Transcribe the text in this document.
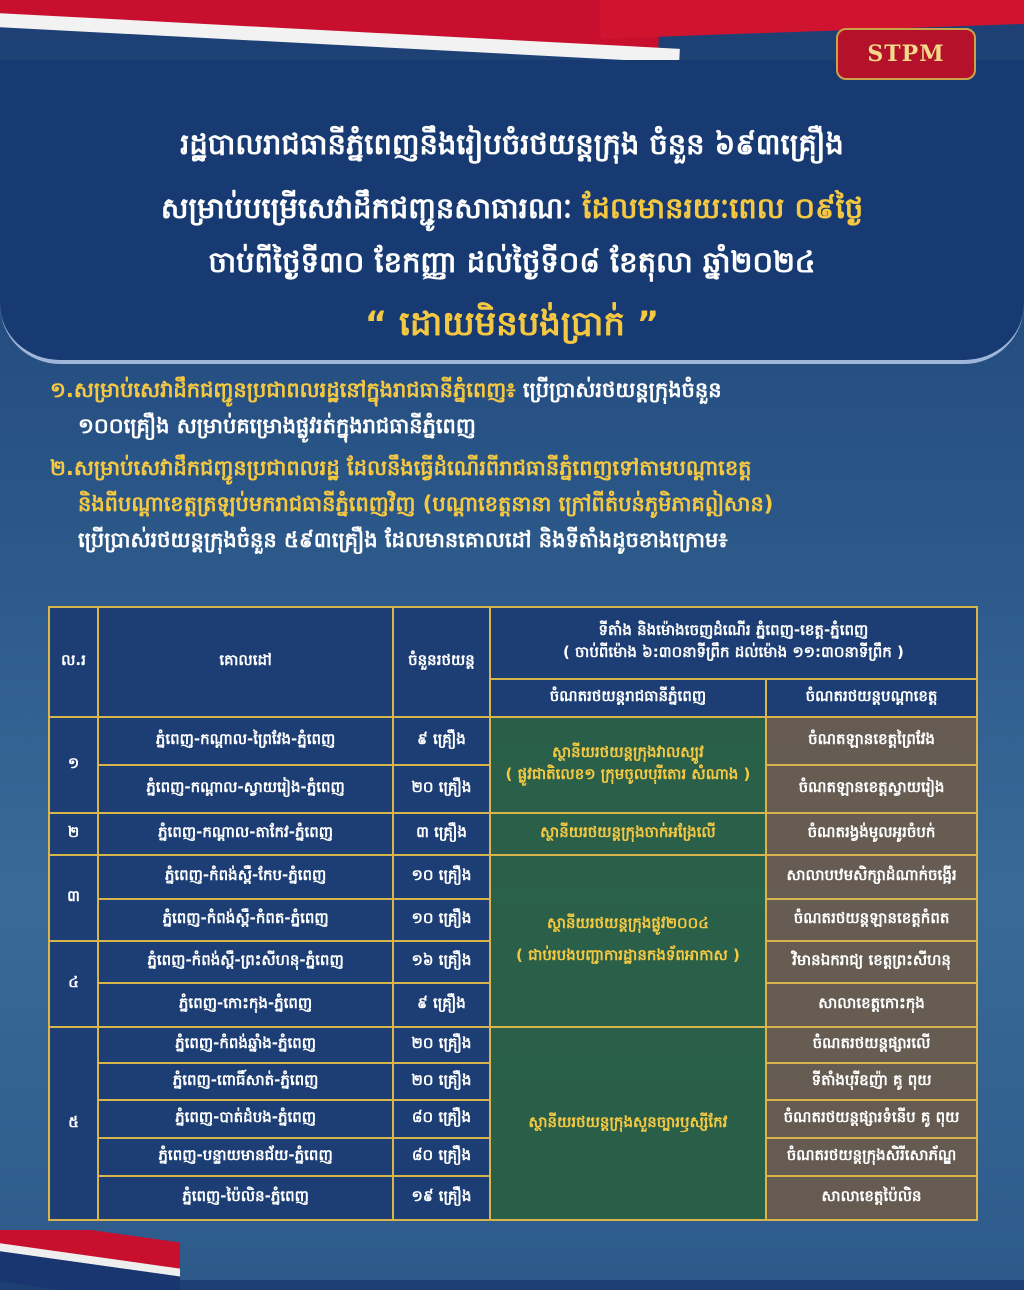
STPM
រដ្ឋបាលរាជធានីភ្នំពេញនឹងរៀបចំរថយន្តក្រុង ចំនួន ៦៩៣គ្រឿង
សម្រាប់បម្រើសេវាដឹកជញ្ជូនសាធារណៈ ដែលមានរយៈពេល ០៩ថ្ងៃ
ចាប់ពីថ្ងៃទី៣០ ខែកញ្ញា ដល់ថ្ងៃទី០៨ ខែតុលា ឆ្នាំ២០២៤
“ ដោយមិនបង់ប្រាក់ ”

១.សម្រាប់សេវាដឹកជញ្ជូនប្រជាពលរដ្ឋនៅក្នុងរាជធានីភ្នំពេញ៖ ប្រើប្រាស់រថយន្តក្រុងចំនួន

១០០គ្រឿង សម្រាប់គម្រោងផ្លូវរត់ក្នុងរាជធានីភ្នំពេញ

២.សម្រាប់សេវាដឹកជញ្ជូនប្រជាពលរដ្ឋ ដែលនឹងធ្វើដំណើរពីរាជធានីភ្នំពេញទៅតាមបណ្តាខេត្ត

និងពីបណ្តាខេត្តត្រឡប់មករាជធានីភ្នំពេញវិញ (បណ្តាខេត្តនានា ក្រៅពីតំបន់ភូមិភាគឦសាន)

ប្រើប្រាស់រថយន្តក្រុងចំនួន ៥៩៣គ្រឿង ដែលមានគោលដៅ និងទីតាំងដូចខាងក្រោម៖

ល.រ	គោលដៅ	ចំនួនរថយន្ត	ទីតាំង និងម៉ោងចេញដំណើរ ភ្នំពេញ-ខេត្ត-ភ្នំពេញ
( ចាប់ពីម៉ោង ៦:៣០នាទីព្រឹក ដល់ម៉ោង ១១:៣០នាទីព្រឹក )	

			ចំណតរថយន្តរាជធានីភ្នំពេញ	ចំណតរថយន្តបណ្តាខេត្ត
១	ភ្នំពេញ-កណ្តាល-ព្រៃវែង-ភ្នំពេញ	៩ គ្រឿង	ស្ថានីយរថយន្តក្រុងវាលស្បូវ
( ផ្លូវជាតិលេខ១ ក្រុមចូលបុរីតោរ សំណាង )	ចំណតឡានខេត្តព្រៃវែង
	ភ្នំពេញ-កណ្តាល-ស្វាយរៀង-ភ្នំពេញ	២០ គ្រឿង		ចំណតឡានខេត្តស្វាយរៀង
២	ភ្នំពេញ-កណ្តាល-តាកែវ-ភ្នំពេញ	៣ គ្រឿង	ស្ថានីយរថយន្តក្រុងចាក់អង្រែលើ	ចំណតរង្វង់មូលអូរចំបក់
៣	ភ្នំពេញ-កំពង់ស្ពឺ-កែប-ភ្នំពេញ	១០ គ្រឿង	ស្ថានីយរថយន្តក្រុងផ្លូវ២០០៤
( ជាប់របងបញ្ជាការដ្ឋានកងទ័ពអាកាស )	សាលាបឋមសិក្សាដំណាក់ចង្អើរ
	ភ្នំពេញ-កំពង់ស្ពឺ-កំពត-ភ្នំពេញ	១០ គ្រឿង		ចំណតរថយន្តឡានខេត្តកំពត
៤	ភ្នំពេញ-កំពង់ស្ពឺ-ព្រះសីហនុ-ភ្នំពេញ	១៦ គ្រឿង		វិមានឯករាជ្យ ខេត្តព្រះសីហនុ
	ភ្នំពេញ-កោះកុង-ភ្នំពេញ	៩ គ្រឿង		សាលាខេត្តកោះកុង
៥	ភ្នំពេញ-កំពង់ឆ្នាំង-ភ្នំពេញ	២០ គ្រឿង	ស្ថានីយរថយន្តក្រុងសួនច្បារឫស្សីកែវ	ចំណតរថយន្តផ្សារលើ
	ភ្នំពេញ-ពោធិ៍សាត់-ភ្នំពេញ	២០ គ្រឿង		ទីតាំងបុរីឧញ៉ា គូ ពុយ
	ភ្នំពេញ-បាត់ដំបង-ភ្នំពេញ	៨០ គ្រឿង		ចំណតរថយន្តផ្សារទំនើប គូ ពុយ
	ភ្នំពេញ-បន្ទាយមានជ័យ-ភ្នំពេញ	៨០ គ្រឿង		ចំណតរថយន្តក្រុងសិរីសោភ័ណ្ឌ
	ភ្នំពេញ-ប៉ៃលិន-ភ្នំពេញ	១៩ គ្រឿង		សាលាខេត្តប៉ៃលិន
